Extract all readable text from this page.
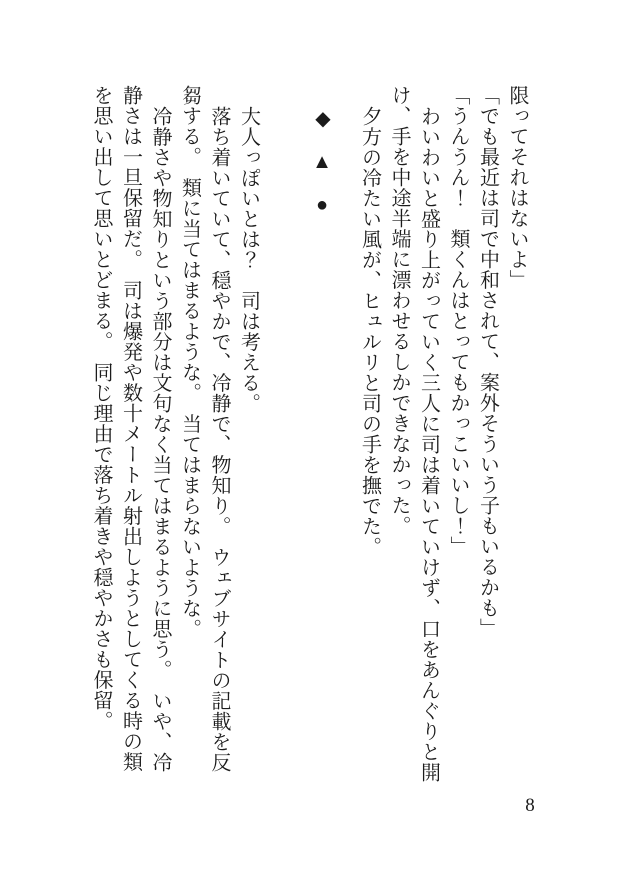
限ってそれはないよ」

「でも最近は司で中和されて、案外そういう子もいるかも」

「うんうん！　類くんはとってもかっこいいし！」

わいわいと盛り上がっていく三人に司は着いていけず、口をあんぐりと開け、手を中途半端に漂わせるしかできなかった。

夕方の冷たい風が、ヒュルリと司の手を撫でた。

◆　▲　●

大人っぽいとは？　司は考える。

落ち着いていて、穏やかで、冷静で、物知り。　ウェブサイトの記載を反芻する。　類に当てはまるような。　当てはまらないような。

冷静さや物知りという部分は文句なく当てはまるように思う。　いや、冷静さは一旦保留だ。　司は爆発や数十メートル射出しようとしてくる時の類を思い出して思いとどまる。　同じ理由で落ち着きや穏やかさも保留。

8
